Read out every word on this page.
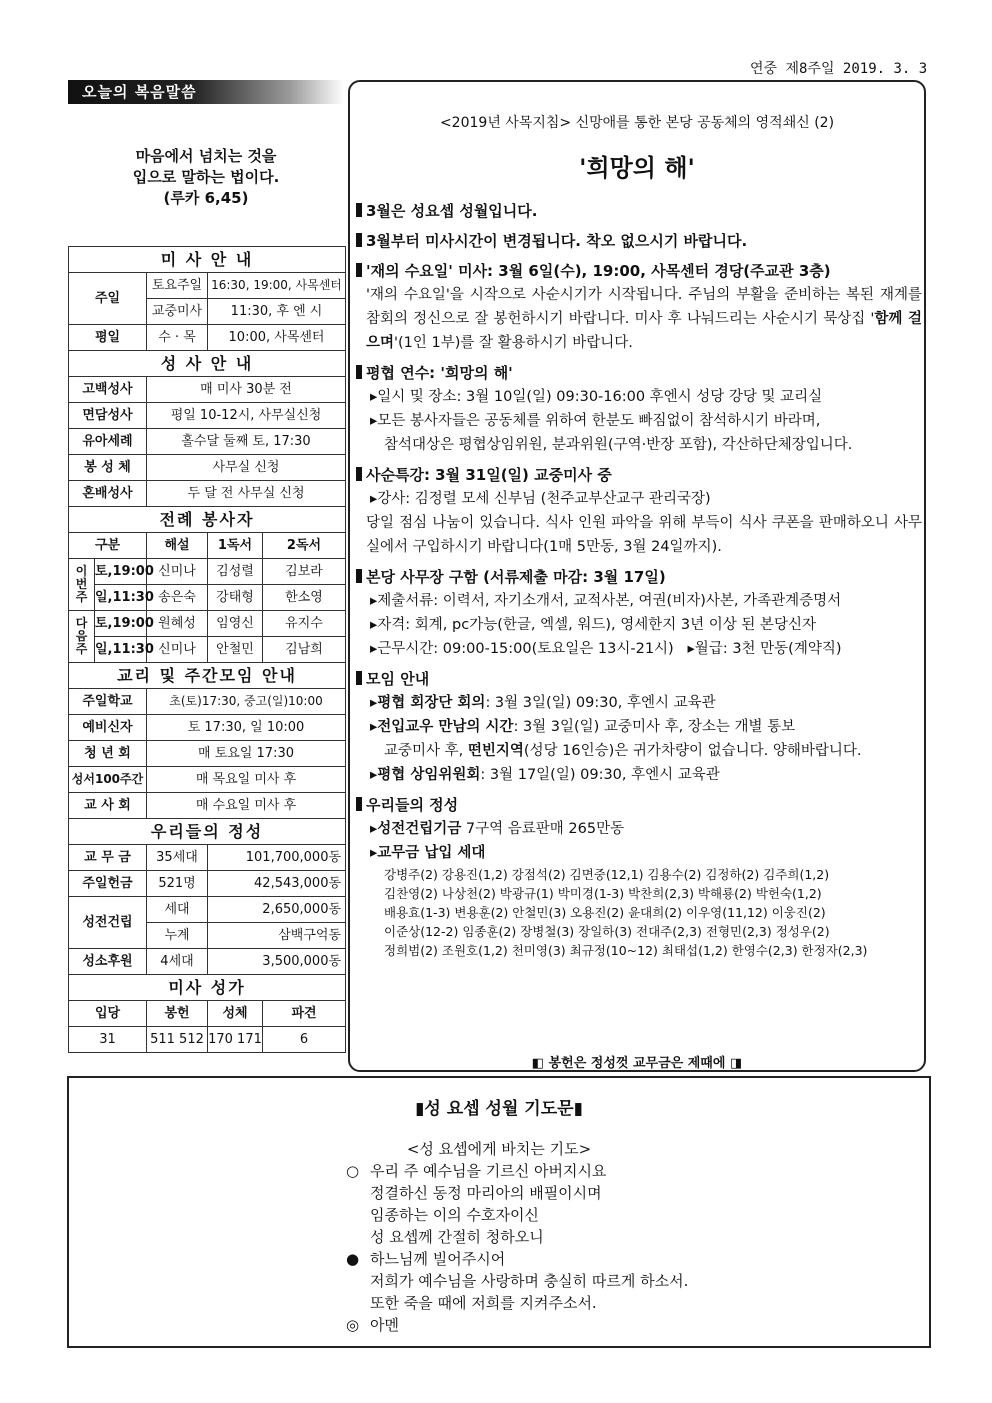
연중 제8주일 2019. 3. 3
오늘의 복음말씀
마음에서 넘치는 것을
입으로 말하는 법이다.
(루카 6,45)
미 사 안 내				
주일		토요주일	16:30, 19:00, 사목센터	
		교중미사	11:30, 후 엔 시	
평일		수 · 목	10:00, 사목센터	
성 사 안 내				
고백성사		매 미사 30분 전		
면담성사		평일 10-12시, 사무실신청		
유아세례		홀수달 둘째 토, 17:30		
봉 성 체		사무실 신청		
혼배성사		두 달 전 사무실 신청		
전례 봉사자				
구분		해설	1독서	2독서
이번주	토,19:00	신미나	김성렬	김보라
	일,11:30	송은숙	강태형	한소영
다음주	토,19:00	원혜성	임영신	유지수
	일,11:30	신미나	안철민	김남희
교리 및 주간모임 안내				
주일학교		초(토)17:30, 중고(일)10:00		
예비신자		토 17:30, 일 10:00		
청 년 회		매 토요일 17:30		
성서100주간		매 목요일 미사 후		
교 사 회		매 수요일 미사 후		
우리들의 정성				
교 무 금		35세대	101,700,000동	
주일헌금		521명	42,543,000동	
성전건립		세대	2,650,000동	
		누계	삼백구억동	
성소후원		4세대	3,500,000동	
미사 성가				
입당		봉헌	성체	파견
31		511 512	170 171	6
<2019년 사목지침> 신망애를 통한 본당 공동체의 영적쇄신 (2)
'희망의 해'
3월은 성요셉 성월입니다.
3월부터 미사시간이 변경됩니다. 착오 없으시기 바랍니다.
'재의 수요일' 미사: 3월 6일(수), 19:00, 사목센터 경당(주교관 3층)
'재의 수요일'을 시작으로 사순시기가 시작됩니다. 주님의 부활을 준비하는 복된 재계를 참회의 정신으로 잘 봉헌하시기 바랍니다. 미사 후 나눠드리는 사순시기 묵상집 '함께 걸으며'(1인 1부)를 잘 활용하시기 바랍니다.
평협 연수: '희망의 해'
▸일시 및 장소: 3월 10일(일) 09:30-16:00 후엔시 성당 강당 및 교리실
▸모든 봉사자들은 공동체를 위하여 한분도 빠짐없이 참석하시기 바라며,
참석대상은 평협상임위원, 분과위원(구역·반장 포함), 각산하단체장입니다.
사순특강: 3월 31일(일) 교중미사 중
▸강사: 김정렬 모세 신부님 (천주교부산교구 관리국장)
당일 점심 나눔이 있습니다. 식사 인원 파악을 위해 부득이 식사 쿠폰을 판매하오니 사무실에서 구입하시기 바랍니다(1매 5만동, 3월 24일까지).
본당 사무장 구함 (서류제출 마감: 3월 17일)
▸제출서류: 이력서, 자기소개서, 교적사본, 여권(비자)사본, 가족관계증명서
▸자격: 회계, pc가능(한글, 엑셀, 워드), 영세한지 3년 이상 된 본당신자
▸근무시간: 09:00-15:00(토요일은 13시-21시)   ▸월급: 3천 만동(계약직)
모임 안내
▸평협 회장단 회의: 3월 3일(일) 09:30, 후엔시 교육관
▸전입교우 만남의 시간: 3월 3일(일) 교중미사 후, 장소는 개별 통보
교중미사 후, 떤빈지역(성당 16인승)은 귀가차량이 없습니다. 양해바랍니다.
▸평협 상임위원회: 3월 17일(일) 09:30, 후엔시 교육관
우리들의 정성
▸성전건립기금 7구역 음료판매 265만동
▸교무금 납입 세대
강병주(2) 강용진(1,2) 강점석(2) 김면중(12,1) 김용수(2) 김정하(2) 김주희(1,2)
김찬영(2) 나상천(2) 박광규(1) 박미경(1-3) 박찬희(2,3) 박해룡(2) 박헌숙(1,2)
배용효(1-3) 변용훈(2) 안철민(3) 오용진(2) 윤대희(2) 이우영(11,12) 이웅진(2)
이준상(12-2) 임종훈(2) 장병철(3) 장일하(3) 전대주(2,3) 전형민(2,3) 정성우(2)
정희범(2) 조원호(1,2) 천미영(3) 최규정(10~12) 최태섭(1,2) 한영수(2,3) 한정자(2,3)
◧ 봉헌은 정성껏 교무금은 제때에 ◨
▮성 요셉 성월 기도문▮
<성 요셉에게 바치는 기도>
○ 우리 주 예수님을 기르신 아버지시요
정결하신 동정 마리아의 배필이시며
임종하는 이의 수호자이신
성 요셉께 간절히 청하오니
● 하느님께 빌어주시어
저희가 예수님을 사랑하며 충실히 따르게 하소서.
또한 죽을 때에 저희를 지켜주소서.
◎ 아멘
